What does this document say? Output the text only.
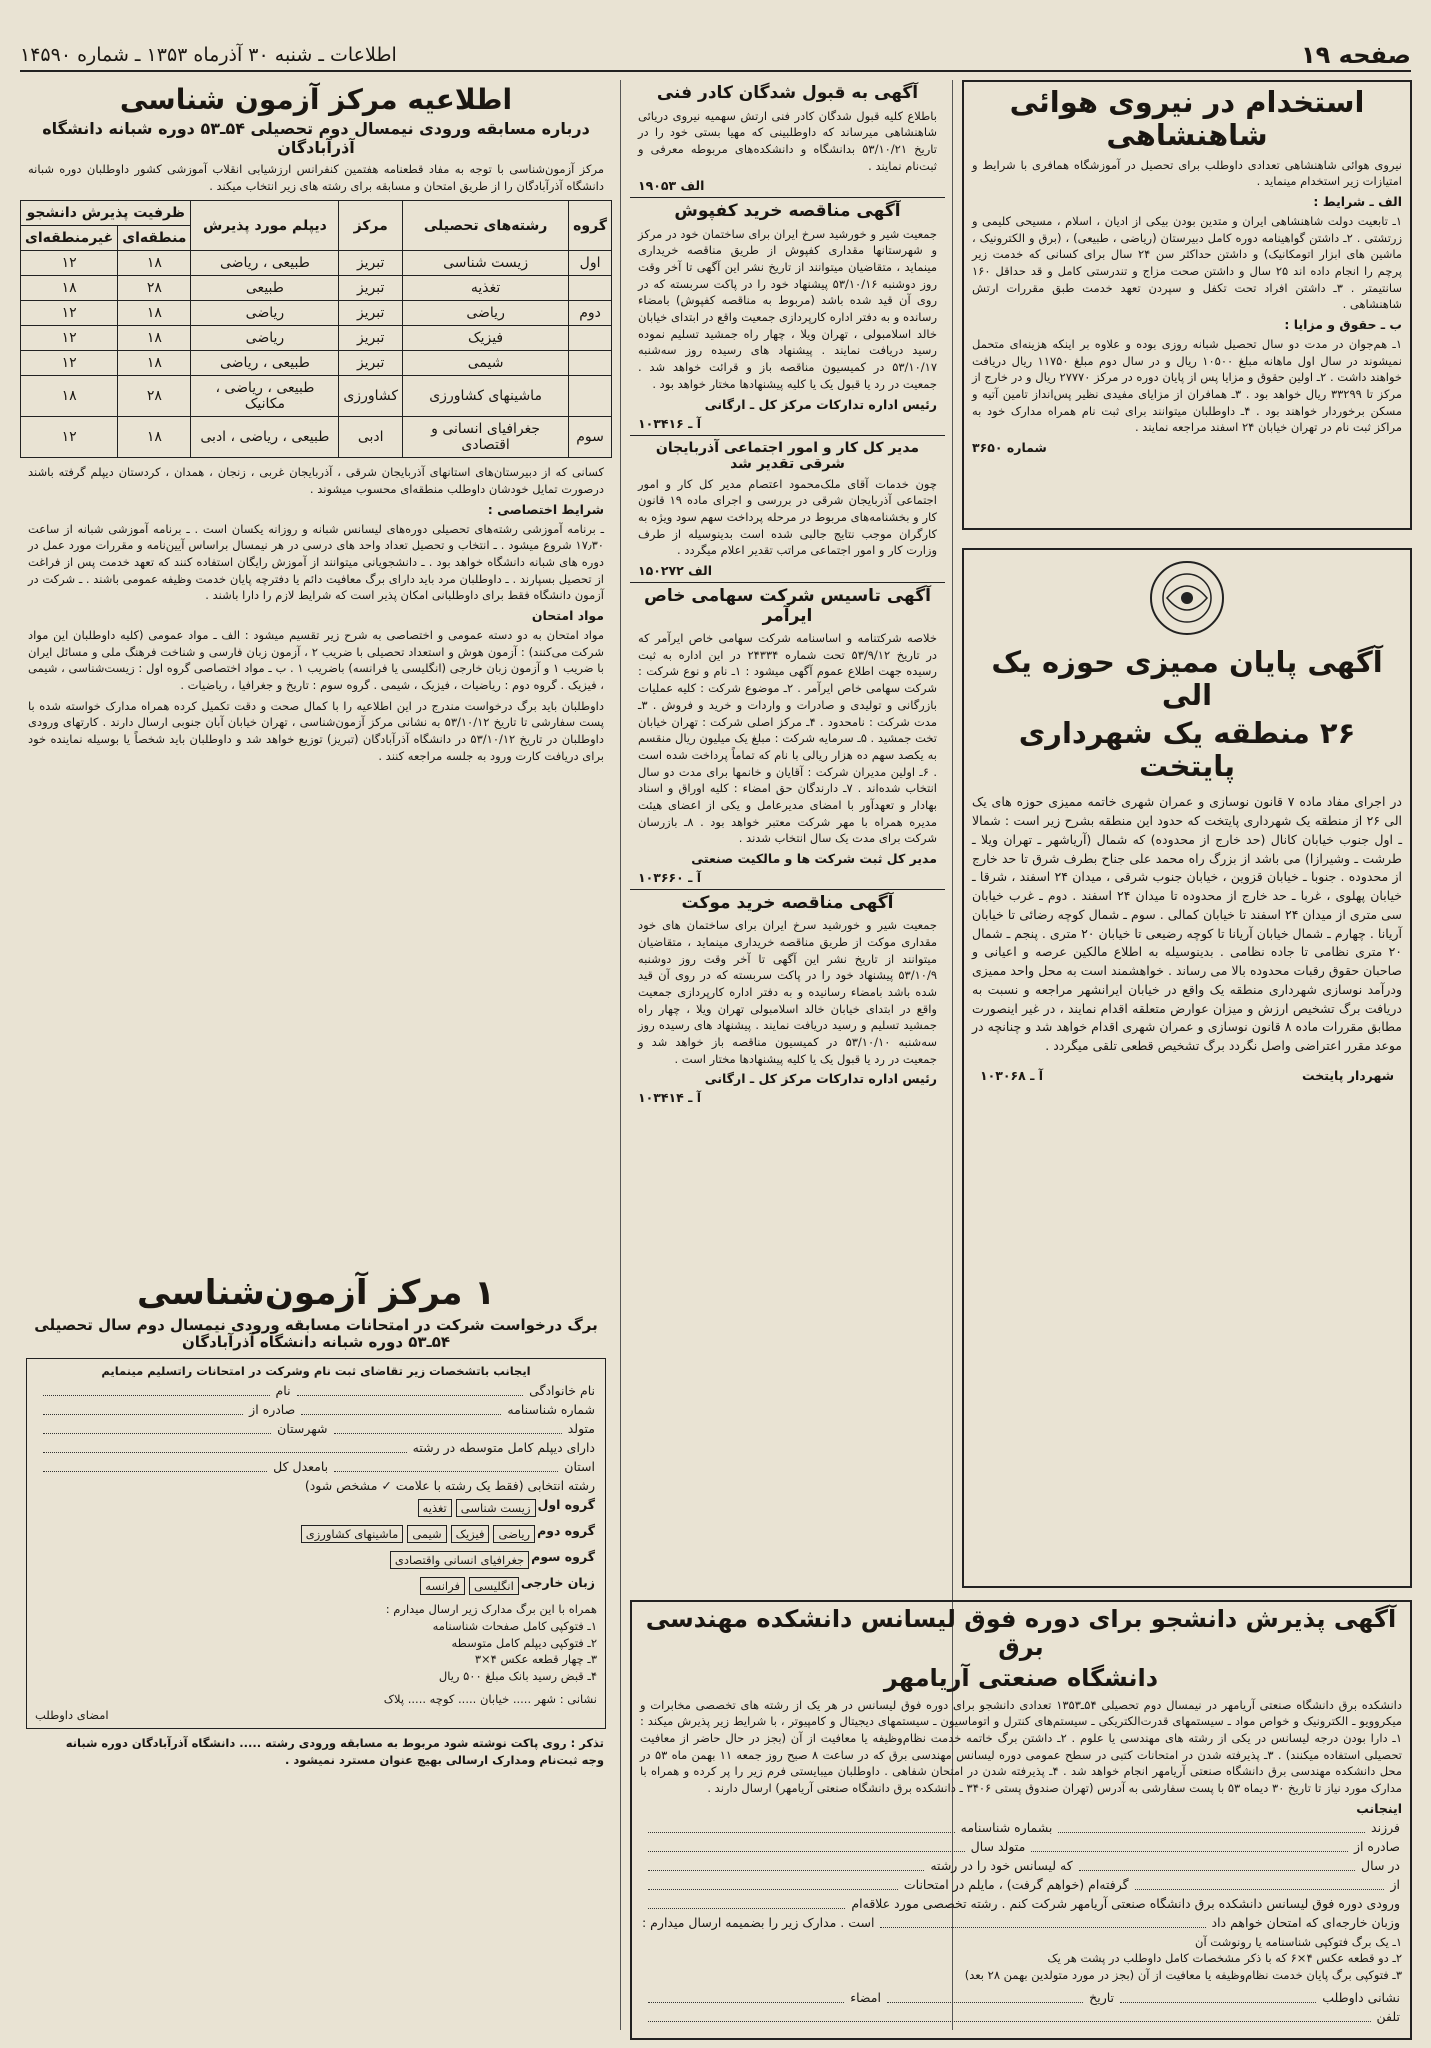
صفحه ۱۹
اطلاعات ـ شنبه ۳۰ آذرماه ۱۳۵۳ ـ شماره ۱۴۵۹۰
استخدام در نیروی هوائی شاهنشاهی
نیروی هوائی شاهنشاهی تعدادی داوطلب برای تحصیل در آموزشگاه همافری با شرایط و امتیازات زیر استخدام مینماید .
الف ـ شرایط :
۱ـ تابعیت دولت شاهنشاهی ایران و متدین بودن بیکی از ادیان ، اسلام ، مسیحی کلیمی و زرتشتی . ۲ـ داشتن گواهینامه دوره کامل دبیرستان (ریاضی ، طبیعی) ، (برق و الکترونیک ، ماشین های ابزار اتومکانیک) و داشتن حداکثر سن ۲۴ سال برای کسانی که خدمت زیر پرچم را انجام داده اند ۲۵ سال و داشتن صحت مزاج و تندرستی کامل و قد حداقل ۱۶۰ سانتیمتر . ۳ـ داشتن افراد تحت تکفل و سپردن تعهد خدمت طبق مقررات ارتش شاهنشاهی .
ب ـ حقوق و مزایا :
۱ـ هم‌جوان در مدت دو سال تحصیل شبانه روزی بوده و علاوه بر اینکه هزینه‌ای متحمل نمیشوند در سال اول ماهانه مبلغ ۱۰۵۰۰ ریال و در سال دوم مبلغ ۱۱۷۵۰ ریال دریافت خواهند داشت . ۲ـ اولین حقوق و مزایا پس از پایان دوره در مرکز ۲۷۷۷۰ ریال و در خارج از مرکز تا ۳۳۲۹۹ ریال خواهد بود . ۳ـ همافران از مزایای مفیدی نظیر پس‌انداز تامین آتیه و مسکن برخوردار خواهند بود . ۴ـ داوطلبان میتوانند برای ثبت نام همراه مدارک خود به مراکز ثبت نام در تهران خیابان ۲۴ اسفند مراجعه نمایند .
شماره ۳۶۵۰
آگهی پایان ممیزی حوزه یک الی
۲۶ منطقه یک شهرداری پایتخت
در اجرای مفاد ماده ۷ قانون نوسازی و عمران شهری خاتمه ممیزی حوزه های یک الی ۲۶ از منطقه یک شهرداری پایتخت که حدود این منطقه بشرح زیر است : شمالا ـ اول جنوب خیابان کانال (حد خارج از محدوده) که شمال (آریاشهر ـ تهران ویلا ـ طرشت ـ وشیرازا) می باشد از بزرگ راه محمد علی جناح بطرف شرق تا حد خارج از محدوده . جنوبا ـ خیابان قزوین ، خیابان جنوب شرقی ، میدان ۲۴ اسفند ، شرقا ـ خیابان پهلوی ، غربا ـ حد خارج از محدوده تا میدان ۲۴ اسفند . دوم ـ غرب خیابان سی متری از میدان ۲۴ اسفند تا خیابان کمالی . سوم ـ شمال کوچه رضائی تا خیابان آریانا . چهارم ـ شمال خیابان آریانا تا کوچه رضیعی تا خیابان ۲۰ متری . پنجم ـ شمال ۲۰ متری نظامی تا جاده نظامی . بدینوسیله به اطلاع مالکین عرصه و اعیانی و صاحبان حقوق رقبات محدوده بالا می رساند . خواهشمند است به محل واحد ممیزی ودرآمد نوسازی شهرداری منطقه یک واقع در خیابان ایرانشهر مراجعه و نسبت به دریافت برگ تشخیص ارزش و میزان عوارض متعلقه اقدام نمایند ، در غیر اینصورت مطابق مقررات ماده ۸ قانون نوسازی و عمران شهری اقدام خواهد شد و چنانچه در موعد مقرر اعتراضی واصل نگردد برگ تشخیص قطعی تلقی میگردد .
شهردار پایتخت
آ ـ ۱۰۳۰۶۸
آگهی به قبول شدگان کادر فنی
باطلاع کلیه قبول شدگان کادر فنی ارتش سهمیه نیروی دریائی شاهنشاهی میرساند که داوطلبینی که مهیا بستی خود را در تاریخ ۵۳/۱۰/۲۱ بدانشگاه و دانشکده‌های مربوطه معرفی و ثبت‌نام نمایند .
الف ۱۹۰۵۳
آگهی مناقصه خرید کفپوش
جمعیت شیر و خورشید سرخ ایران برای ساختمان خود در مرکز و شهرستانها مقداری کفپوش از طریق مناقصه خریداری مینماید ، متقاضیان میتوانند از تاریخ نشر این آگهی تا آخر وقت روز دوشنبه ۵۳/۱۰/۱۶ پیشنهاد خود را در پاکت سربسته که در روی آن قید شده باشد (مربوط به مناقصه کفپوش) بامضاء رسانده و به دفتر اداره کارپردازی جمعیت واقع در ابتدای خیابان خالد اسلامبولی ، تهران ویلا ، چهار راه جمشید تسلیم نموده رسید دریافت نمایند . پیشنهاد های رسیده روز سه‌شنبه ۵۳/۱۰/۱۷ در کمیسیون مناقصه باز و قرائت خواهد شد . جمعیت در رد یا قبول یک یا کلیه پیشنهادها مختار خواهد بود .
رئیس اداره تدارکات مرکز کل ـ ارگانی
آ ـ ۱۰۳۴۱۶
مدیر کل کار و امور اجتماعی آذربایجان شرقی تقدیر شد
چون خدمات آقای ملک‌محمود اعتصام مدیر کل کار و امور اجتماعی آذربایجان شرقی در بررسی و اجرای ماده ۱۹ قانون کار و بخشنامه‌های مربوط در مرحله پرداخت سهم سود ویژه به کارگران موجب نتایج جالبی شده است بدینوسیله از طرف وزارت کار و امور اجتماعی مراتب تقدیر اعلام میگردد .
الف ۱۵۰۲۷۲
آگهی تاسیس شرکت سهامی خاص ایرآمر
خلاصه شرکتنامه و اساسنامه شرکت سهامی خاص ایرآمر که در تاریخ ۵۳/۹/۱۲ تحت شماره ۲۴۳۳۴ در این اداره به ثبت رسیده جهت اطلاع عموم آگهی میشود : ۱ـ نام و نوع شرکت : شرکت سهامی خاص ایرآمر . ۲ـ موضوع شرکت : کلیه عملیات بازرگانی و تولیدی و صادرات و واردات و خرید و فروش . ۳ـ مدت شرکت : نامحدود . ۴ـ مرکز اصلی شرکت : تهران خیابان تخت جمشید . ۵ـ سرمایه شرکت : مبلغ یک میلیون ریال منقسم به یکصد سهم ده هزار ریالی با نام که تماماً پرداخت شده است . ۶ـ اولین مدیران شرکت : آقایان و خانمها برای مدت دو سال انتخاب شده‌اند . ۷ـ دارندگان حق امضاء : کلیه اوراق و اسناد بهادار و تعهدآور با امضای مدیرعامل و یکی از اعضای هیئت مدیره همراه با مهر شرکت معتبر خواهد بود . ۸ـ بازرسان شرکت برای مدت یک سال انتخاب شدند .
مدیر کل ثبت شرکت ها و مالکیت صنعتی
آ ـ ۱۰۳۶۶۰
آگهی مناقصه خرید موکت
جمعیت شیر و خورشید سرخ ایران برای ساختمان های خود مقداری موکت از طریق مناقصه خریداری مینماید ، متقاضیان میتوانند از تاریخ نشر این آگهی تا آخر وقت روز دوشنبه ۵۳/۱۰/۹ پیشنهاد خود را در پاکت سربسته که در روی آن قید شده باشد بامضاء رسانیده و به دفتر اداره کارپردازی جمعیت واقع در ابتدای خیابان خالد اسلامبولی تهران ویلا ، چهار راه جمشید تسلیم و رسید دریافت نمایند . پیشنهاد های رسیده روز سه‌شنبه ۵۳/۱۰/۱۰ در کمیسیون مناقصه باز خواهد شد و جمعیت در رد یا قبول یک یا کلیه پیشنهادها مختار است .
رئیس اداره تدارکات مرکز کل ـ ارگانی
آ ـ ۱۰۳۴۱۴
اطلاعیه مرکز آزمون شناسی
درباره مسابقه ورودی نیمسال دوم تحصیلی ۵۴ـ۵۳ دوره شبانه دانشگاه آذرآبادگان
مرکز آزمون‌شناسی با توجه به مفاد قطعنامه هفتمین کنفرانس ارزشیابی انقلاب آموزشی کشور داوطلبان دوره شبانه دانشگاه آذرآبادگان را از طریق امتحان و مسابقه برای رشته های زیر انتخاب میکند .
گروه	رشته‌های تحصیلی	مرکز	دیپلم مورد پذیرش	ظرفیت پذیرش دانشجو	
				منطقه‌ای	غیرمنطقه‌ای
اول	زیست شناسی	تبریز	طبیعی ، ریاضی	۱۸	۱۲
	تغذیه	تبریز	طبیعی	۲۸	۱۸
دوم	ریاضی	تبریز	ریاضی	۱۸	۱۲
	فیزیک	تبریز	ریاضی	۱۸	۱۲
	شیمی	تبریز	طبیعی ، ریاضی	۱۸	۱۲
	ماشینهای کشاورزی	کشاورزی	طبیعی ، ریاضی ، مکانیک	۲۸	۱۸
سوم	جغرافیای انسانی و اقتصادی	ادبی	طبیعی ، ریاضی ، ادبی	۱۸	۱۲
کسانی که از دبیرستان‌های استانهای آذربایجان شرقی ، آذربایجان غربی ، زنجان ، همدان ، کردستان دیپلم گرفته باشند درصورت تمایل خودشان داوطلب منطقه‌ای محسوب میشوند .
شرایط اختصاصی :
ـ برنامه آموزشی رشته‌های تحصیلی دوره‌های لیسانس شبانه و روزانه یکسان است . ـ برنامه آموزشی شبانه از ساعت ۱۷٫۳۰ شروع میشود . ـ انتخاب و تحصیل تعداد واحد های درسی در هر نیمسال براساس آیین‌نامه و مقررات مورد عمل در دوره های شبانه دانشگاه خواهد بود . ـ دانشجویانی میتوانند از آموزش رایگان استفاده کنند که تعهد خدمت پس از فراغت از تحصیل بسپارند . ـ داوطلبان مرد باید دارای برگ معافیت دائم یا دفترچه پایان خدمت وظیفه عمومی باشند . ـ شرکت در آزمون دانشگاه فقط برای داوطلبانی امکان پذیر است که شرایط لازم را دارا باشند .
مواد امتحان
مواد امتحان به دو دسته عمومی و اختصاصی به شرح زیر تقسیم میشود : الف ـ مواد عمومی (کلیه داوطلبان این مواد شرکت می‌کنند) : آزمون هوش و استعداد تحصیلی با ضریب ۲ ، آزمون زبان فارسی و شناخت فرهنگ ملی و مسائل ایران با ضریب ۱ و آزمون زبان خارجی (انگلیسی یا فرانسه) باضریب ۱ . ب ـ مواد اختصاصی گروه اول : زیست‌شناسی ، شیمی ، فیزیک . گروه دوم : ریاضیات ، فیزیک ، شیمی . گروه سوم : تاریخ و جغرافیا ، ریاضیات .
داوطلبان باید برگ درخواست مندرج در این اطلاعیه را با کمال صحت و دقت تکمیل کرده همراه مدارک خواسته شده با پست سفارشی تا تاریخ ۵۳/۱۰/۱۲ به نشانی مرکز آزمون‌شناسی ، تهران خیابان آبان جنوبی ارسال دارند . کارتهای ورودی داوطلبان در تاریخ ۵۳/۱۰/۱۲ در دانشگاه آذرآبادگان (تبریز) توزیع خواهد شد و داوطلبان باید شخصاً یا بوسیله نماینده خود برای دریافت کارت ورود به جلسه مراجعه کنند .
۱ مرکز آزمون‌شناسی
برگ درخواست شرکت در امتحانات مسابقه ورودی نیمسال دوم سال تحصیلی ۵۴ـ۵۳ دوره شبانه دانشگاه آذرآبادگان
ایجانب باتشخصات زیر تقاضای ثبت نام وشرکت در امتحانات راتسلیم مینمایم
نام خانوادگی
نام
شماره شناسنامه
صادره از
متولد
شهرستان
دارای دیپلم کامل متوسطه در رشته
استان
بامعدل کل
رشته انتخابی (فقط یک رشته با علامت ✓ مشخص شود)
گروه اول
زیست شناسی
تغذیه
گروه دوم
ریاضی
فیزیک
شیمی
ماشینهای کشاورزی
گروه سوم
جغرافیای انسانی واقتصادی
زبان خارجی
انگلیسی
فرانسه
همراه با این برگ مدارک زیر ارسال میدارم :
۱ـ فتوکپی کامل صفحات شناسنامه
۲ـ فتوکپی دیپلم کامل متوسطه
۳ـ چهار قطعه عکس ۴×۳
۴ـ قبض رسید بانک مبلغ ۵۰۰ ریال
نشانی : شهر ..... خیابان ..... کوچه ..... پلاک
امضای داوطلب
تذکر : روی پاکت نوشته شود مربوط به مسابقه ورودی رشته ..... دانشگاه آذرآبادگان دوره شبانه
وجه ثبت‌نام ومدارک ارسالی بهیچ عنوان مسترد نمیشود .
آگهی پذیرش دانشجو برای دوره فوق لیسانس دانشکده مهندسی برق
دانشگاه صنعتی آریامهر
دانشکده برق دانشگاه صنعتی آریامهر در نیمسال دوم تحصیلی ۵۴ـ۱۳۵۳ تعدادی دانشجو برای دوره فوق لیسانس در هر یک از رشته های تخصصی مخابرات و میکروویو ـ الکترونیک و خواص مواد ـ سیستمهای قدرت‌الکتریکی ـ سیستم‌های کنترل و اتوماسیون ـ سیستمهای دیجیتال و کامپیوتر ، با شرایط زیر پذیرش میکند : ۱ـ دارا بودن درجه لیسانس در یکی از رشته های مهندسی یا علوم . ۲ـ داشتن برگ خاتمه خدمت نظام‌وظیفه یا معافیت از آن (بجز در حال حاضر از معافیت تحصیلی استفاده میکنند) . ۳ـ پذیرفته شدن در امتحانات کتبی در سطح عمومی دوره لیسانس مهندسی برق که در ساعت ۸ صبح روز جمعه ۱۱ بهمن ماه ۵۳ در محل دانشکده مهندسی برق دانشگاه صنعتی آریامهر انجام خواهد شد . ۴ـ پذیرفته شدن در امتحان شفاهی . داوطلبان میبایستی فرم زیر را پر کرده و همراه با مدارک مورد نیاز تا تاریخ ۳۰ دیماه ۵۳ با پست سفارشی به آدرس (تهران صندوق پستی ۳۴۰۶ ـ دانشکده برق دانشگاه صنعتی آریامهر) ارسال دارند .
اینجانب
فرزند
بشماره شناسنامه
صادره از
متولد سال
در سال
که لیسانس خود را در رشته
از
گرفته‌ام (خواهم گرفت) ، مایلم در امتحانات
ورودی دوره فوق لیسانس دانشکده برق دانشگاه صنعتی آریامهر شرکت کنم . رشته تخصصی مورد علاقه‌ام
وزبان خارجه‌ای که امتحان خواهم داد
است . مدارک زیر را بضمیمه ارسال میدارم :
۱ـ یک برگ فتوکپی شناسنامه یا رونوشت آن
۲ـ دو قطعه عکس ۴×۶ که با ذکر مشخصات کامل داوطلب در پشت هر یک
۳ـ فتوکپی برگ پایان خدمت نظام‌وظیفه یا معافیت از آن (بجز در مورد متولدین بهمن ۲۸ بعد)
نشانی داوطلب
تاریخ
امضاء
تلفن
